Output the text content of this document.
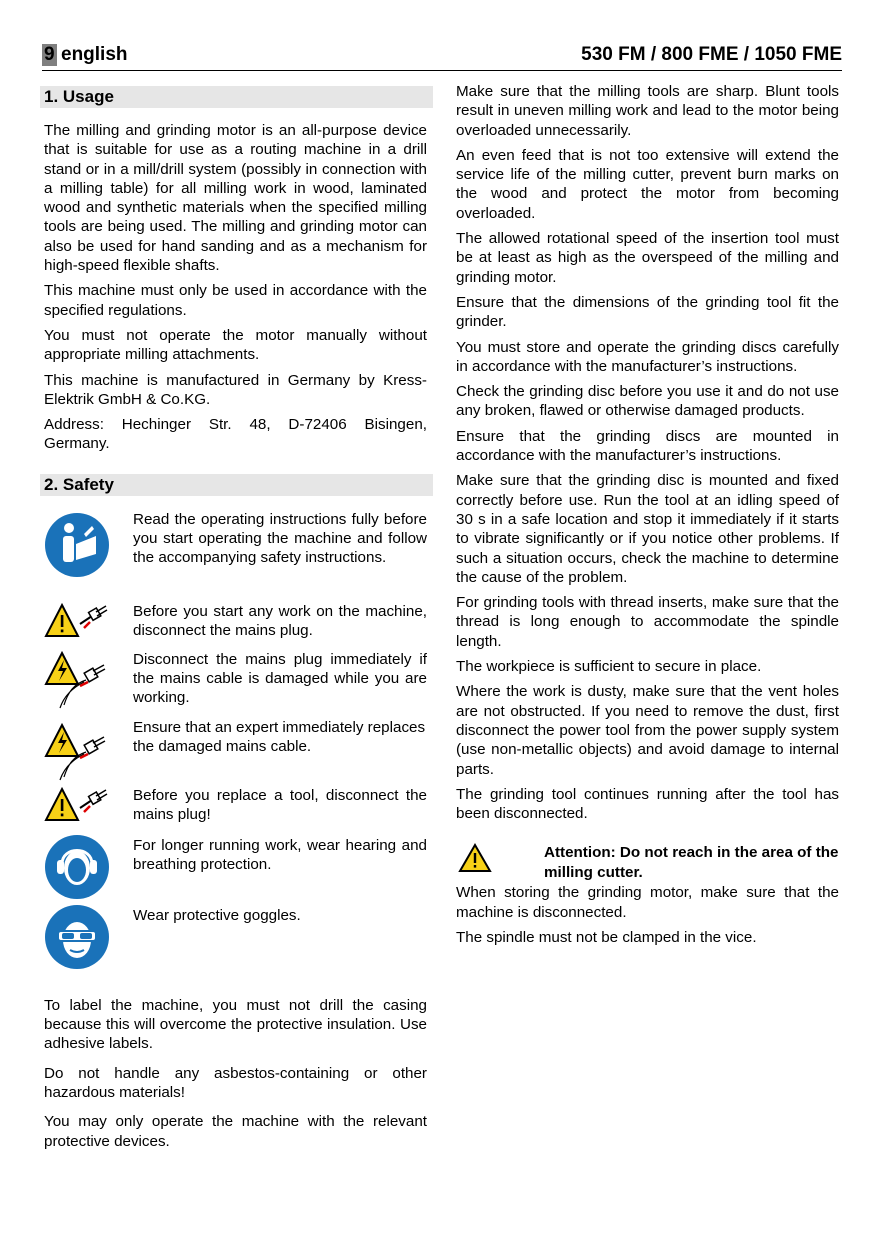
9 english	530 FM / 800 FME / 1050 FME
1. Usage

The milling and grinding motor is an all-purpose device that is suitable for use as a routing machine in a drill stand or in a mill/drill system (possibly in connection with a milling table) for all milling work in wood, laminated wood and synthetic materials when the specified milling tools are being used. The milling and grinding motor can also be used for hand sanding and as a mechanism for high-speed flexible shafts.

This machine must only be used in accordance with the specified regulations.

You must not operate the motor manually without appropriate milling attachments.

This machine is manufactured in Germany by Kress-Elektrik GmbH & Co.KG.

Address: Hechinger Str. 48, D-72406 Bisingen, Germany.

2. Safety
Read the operating instructions fully before you start operating the machine and follow the accompanying safety instructions.
Before you start any work on the machine, disconnect the mains plug.
Disconnect the mains plug immediately if the mains cable is damaged while you are working.
Ensure that an expert immediately replaces the damaged mains cable.
Before you replace a tool, disconnect the mains plug!
For longer running work, wear hearing and breathing protection.
Wear protective goggles.

To label the machine, you must not drill the casing because this will overcome the protective insulation. Use adhesive labels.

Do not handle any asbestos-containing or other hazardous materials!

You may only operate the machine with the relevant protective devices.

Make sure that the milling tools are sharp. Blunt tools result in uneven milling work and lead to the motor being overloaded unnecessarily.

An even feed that is not too extensive will extend the service life of the milling cutter, prevent burn marks on the wood and protect the motor from becoming overloaded.

The allowed rotational speed of the insertion tool must be at least as high as the overspeed of the milling and grinding motor.

Ensure that the dimensions of the grinding tool fit the grinder.

You must store and operate the grinding discs carefully in accordance with the manufacturer’s instructions.

Check the grinding disc before you use it and do not use any broken, flawed or otherwise damaged products.

Ensure that the grinding discs are mounted in accordance with the manufacturer’s instructions.

Make sure that the grinding disc is mounted and fixed correctly before use. Run the tool at an idling speed of 30 s in a safe location and stop it immediately if it starts to vibrate significantly or if you notice other problems. If such a situation occurs, check the machine to determine the cause of the problem.

For grinding tools with thread inserts, make sure that the thread is long enough to accommodate the spindle length.

The workpiece is sufficient to secure in place.

Where the work is dusty, make sure that the vent holes are not obstructed. If you need to remove the dust, first disconnect the power tool from the power supply system (use non-metallic objects) and avoid damage to internal parts.

The grinding tool continues running after the tool has been disconnected.

Attention: Do not reach in the area of the milling cutter.

When storing the grinding motor, make sure that the machine is disconnected.

The spindle must not be clamped in the vice.
